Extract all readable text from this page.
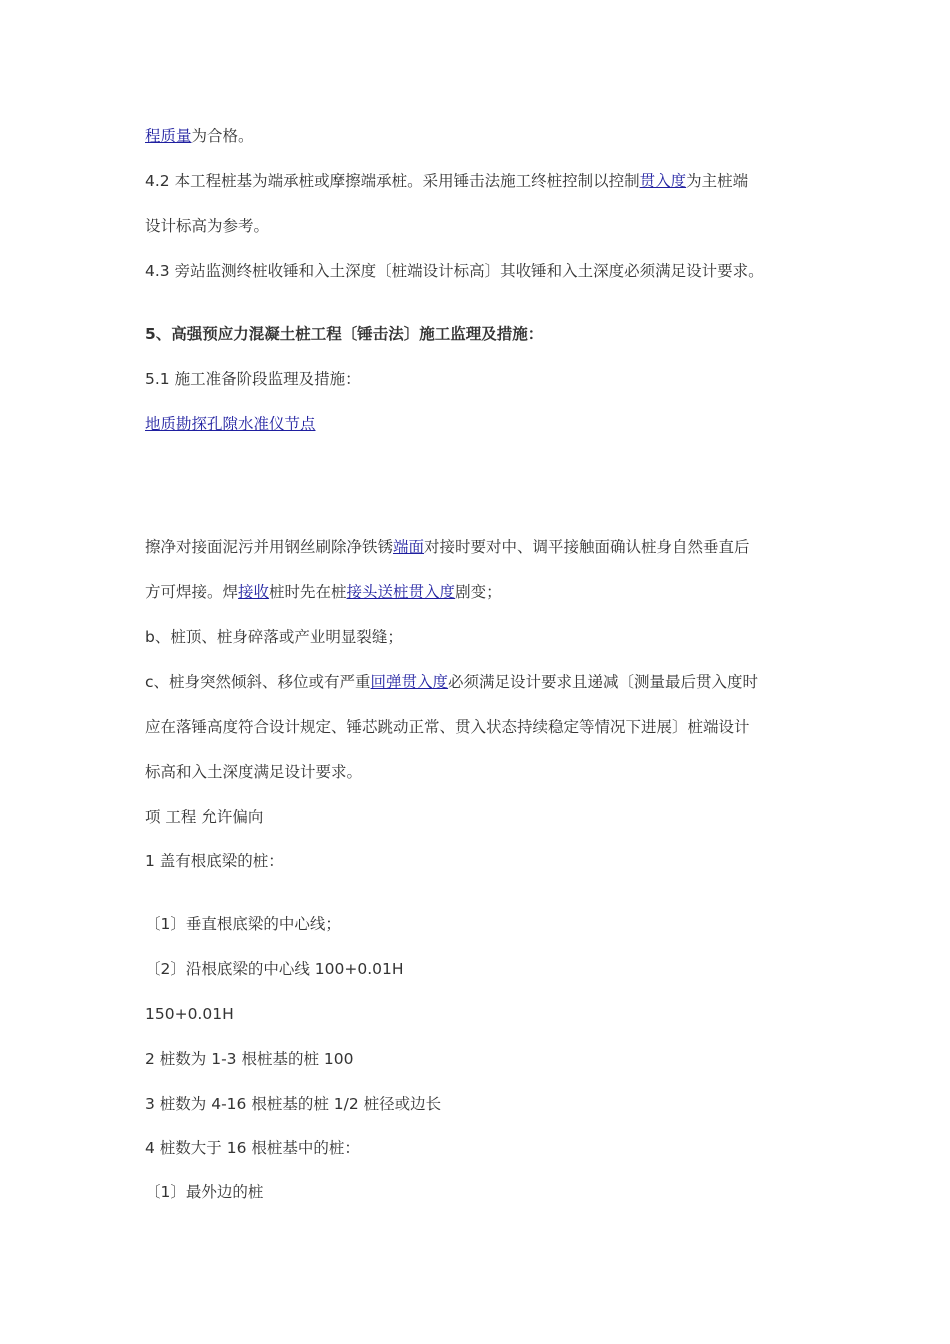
程质量为合格。

4.2 本工程桩基为端承桩或摩擦端承桩。采用锤击法施工终桩控制以控制贯入度为主桩端

设计标高为参考。

4.3 旁站监测终桩收锤和入土深度〔桩端设计标高〕其收锤和入土深度必须满足设计要求。

5、高强预应力混凝土桩工程〔锤击法〕施工监理及措施：

5.1 施工准备阶段监理及措施：

地质勘探孔隙水准仪节点

擦净对接面泥污并用钢丝刷除净铁锈端面对接时要对中、调平接触面确认桩身自然垂直后

方可焊接。焊接收桩时先在桩接头送桩贯入度剧变；

b、桩顶、桩身碎落或产业明显裂缝；

c、桩身突然倾斜、移位或有严重回弹贯入度必须满足设计要求且递减〔测量最后贯入度时

应在落锤高度符合设计规定、锤芯跳动正常、贯入状态持续稳定等情况下进展〕桩端设计

标高和入土深度满足设计要求。

项 工程 允许偏向

1 盖有根底梁的桩：

〔1〕垂直根底梁的中心线；

〔2〕沿根底梁的中心线 100+0.01H

150+0.01H

2 桩数为 1-3 根桩基的桩 100

3 桩数为 4-16 根桩基的桩 1/2 桩径或边长

4 桩数大于 16 根桩基中的桩：

〔1〕最外边的桩
